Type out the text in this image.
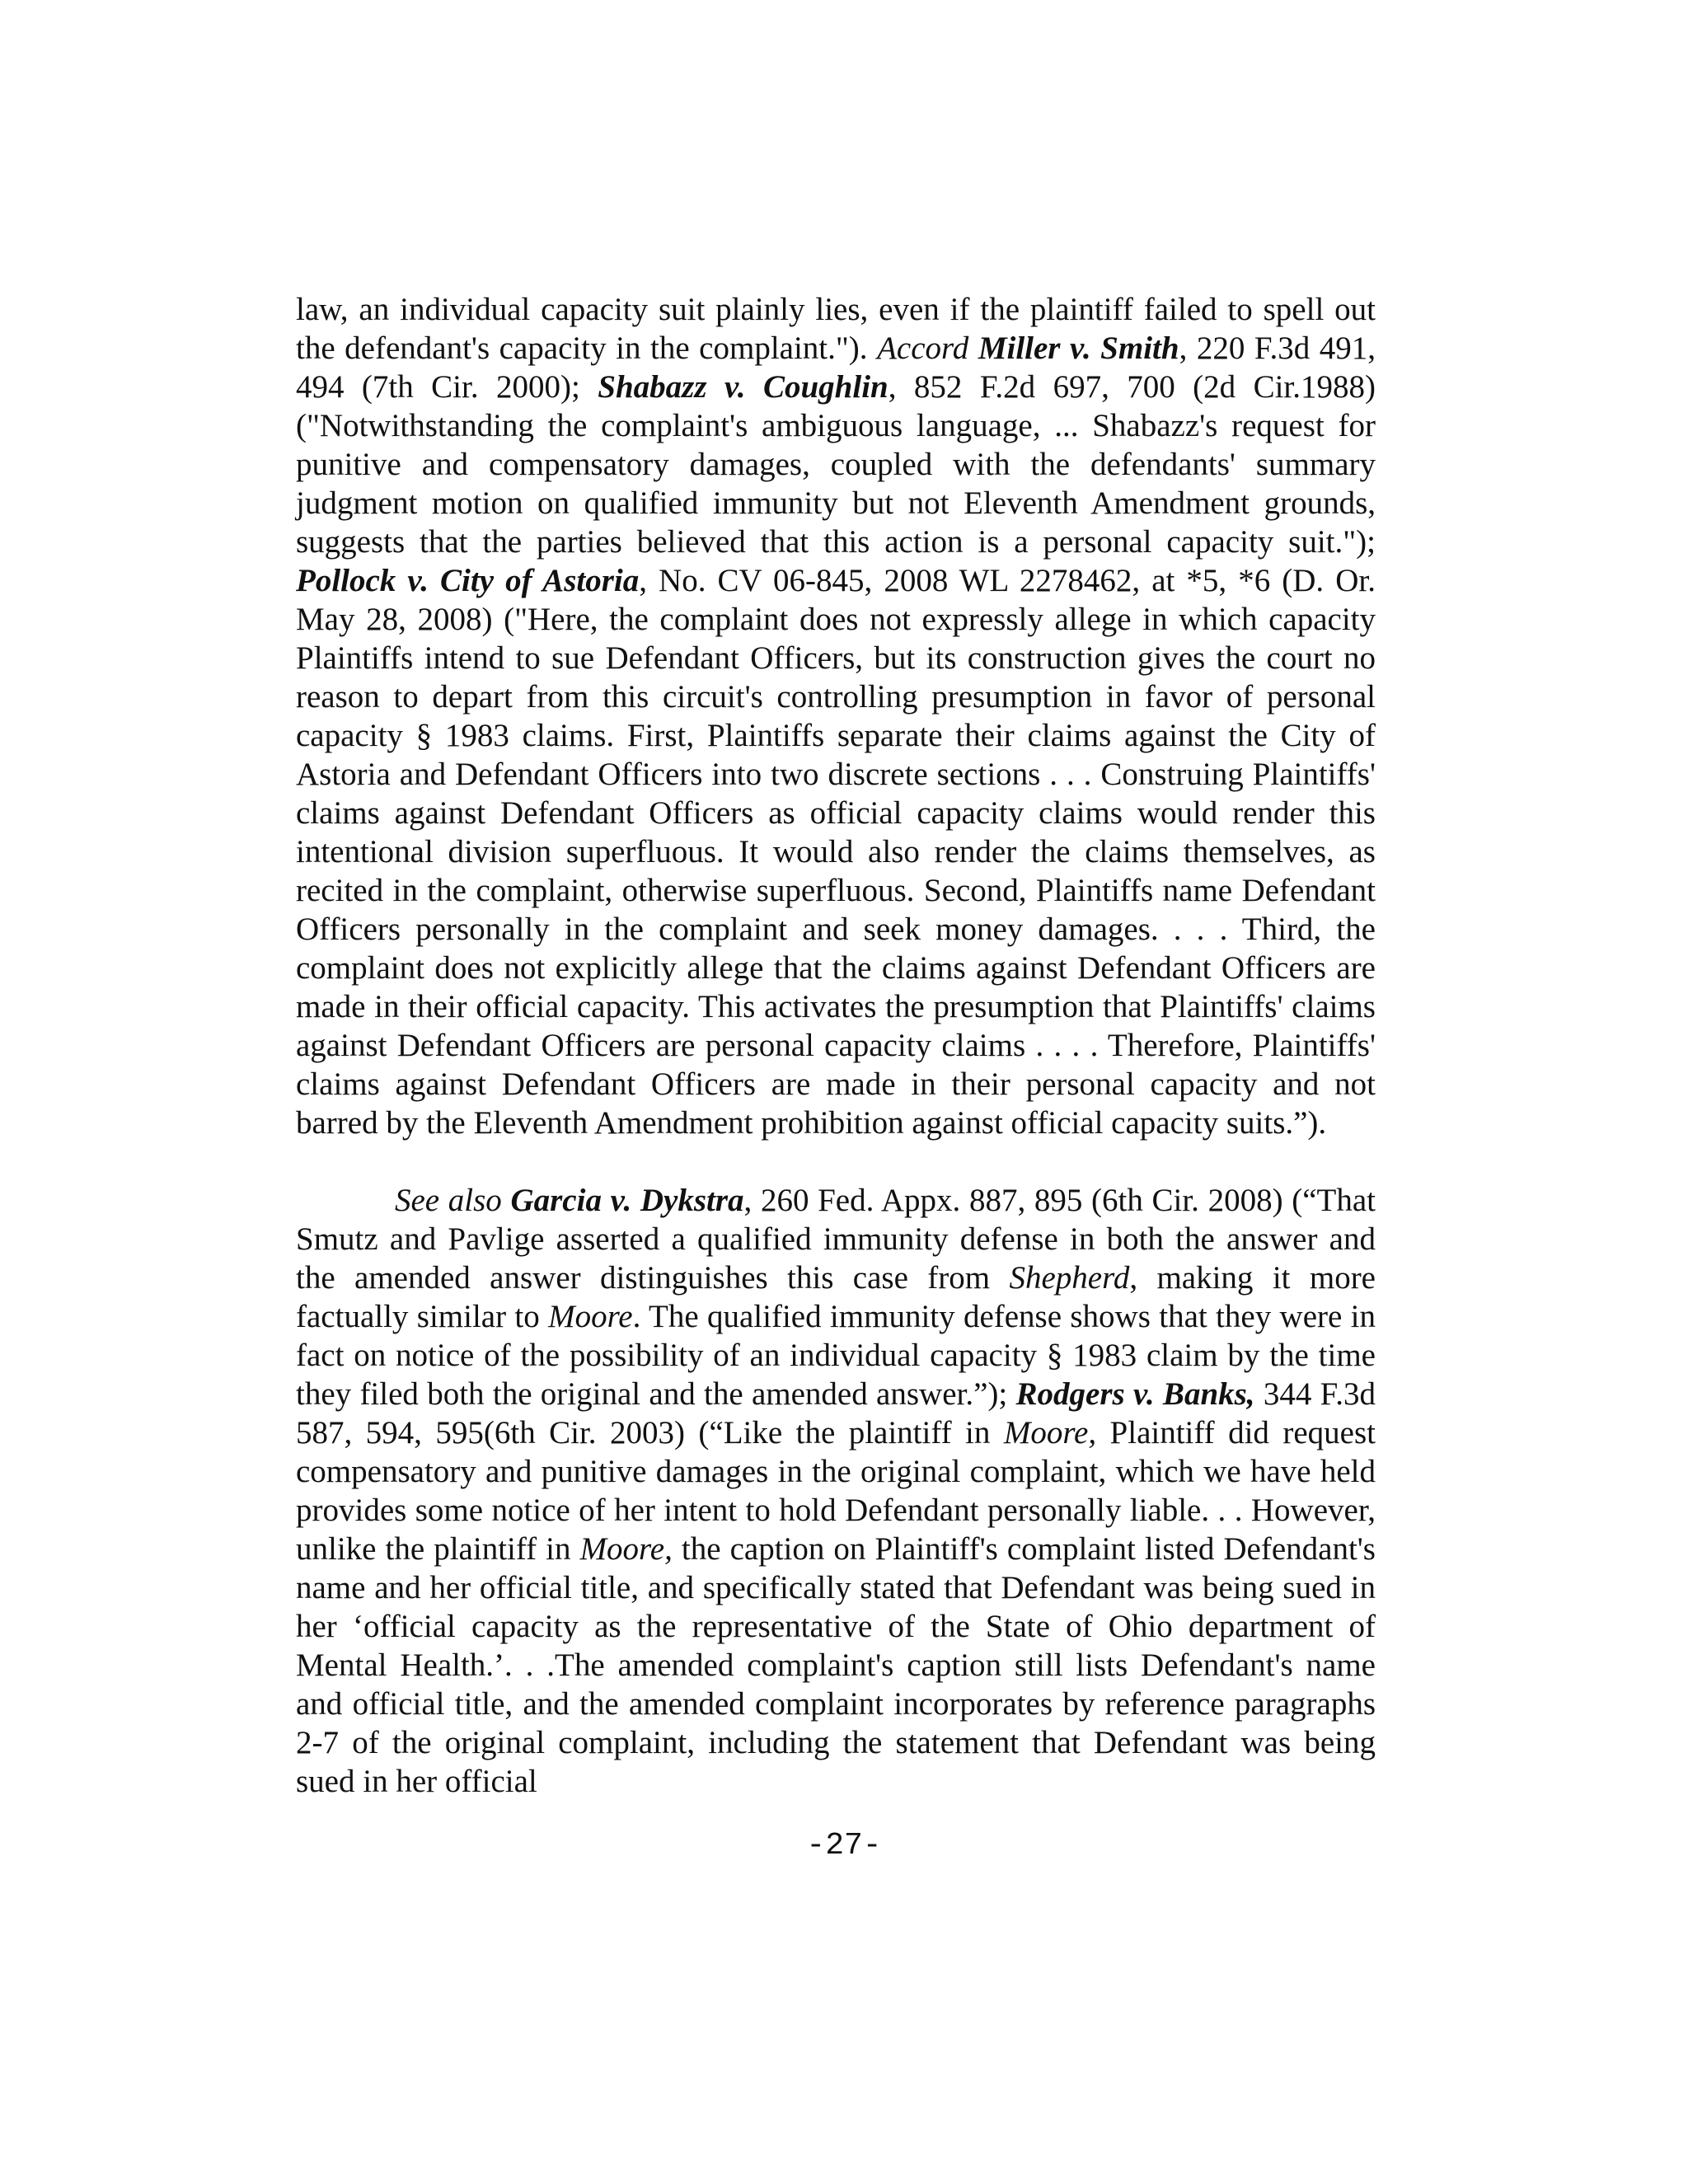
law, an individual capacity suit plainly lies, even if the plaintiff failed to spell out the defendant's capacity in the complaint."). Accord Miller v. Smith, 220 F.3d 491, 494 (7th Cir. 2000); Shabazz v. Coughlin, 852 F.2d 697, 700 (2d Cir.1988) ("Notwithstanding the complaint's ambiguous language, ... Shabazz's request for punitive and compensatory damages, coupled with the defendants' summary judgment motion on qualified immunity but not Eleventh Amendment grounds, suggests that the parties believed that this action is a personal capacity suit."); Pollock v. City of Astoria, No. CV 06-845, 2008 WL 2278462, at *5, *6 (D. Or. May 28, 2008) ("Here, the complaint does not expressly allege in which capacity Plaintiffs intend to sue Defendant Officers, but its construction gives the court no reason to depart from this circuit's controlling presumption in favor of personal capacity § 1983 claims. First, Plaintiffs separate their claims against the City of Astoria and Defendant Officers into two discrete sections . . . Construing Plaintiffs' claims against Defendant Officers as official capacity claims would render this intentional division superfluous. It would also render the claims themselves, as recited in the complaint, otherwise superfluous. Second, Plaintiffs name Defendant Officers personally in the complaint and seek money damages. . . . Third, the complaint does not explicitly allege that the claims against Defendant Officers are made in their official capacity. This activates the presumption that Plaintiffs' claims against Defendant Officers are personal capacity claims . . . . Therefore, Plaintiffs' claims against Defendant Officers are made in their personal capacity and not barred by the Eleventh Amendment prohibition against official capacity suits.”).

See also Garcia v. Dykstra, 260 Fed. Appx. 887, 895 (6th Cir. 2008) (“That Smutz and Pavlige asserted a qualified immunity defense in both the answer and the amended answer distinguishes this case from Shepherd, making it more factually similar to Moore. The qualified immunity defense shows that they were in fact on notice of the possibility of an individual capacity § 1983 claim by the time they filed both the original and the amended answer.”); Rodgers v. Banks, 344 F.3d 587, 594, 595(6th Cir. 2003) (“Like the plaintiff in Moore, Plaintiff did request compensatory and punitive damages in the original complaint, which we have held provides some notice of her intent to hold Defendant personally liable. . . However, unlike the plaintiff in Moore, the caption on Plaintiff's complaint listed Defendant's name and her official title, and specifically stated that Defendant was being sued in her ‘official capacity as the representative of the State of Ohio department of Mental Health.’. . .The amended complaint's caption still lists Defendant's name and official title, and the amended complaint incorporates by reference paragraphs 2-7 of the original complaint, including the statement that Defendant was being sued in her official

-27-
